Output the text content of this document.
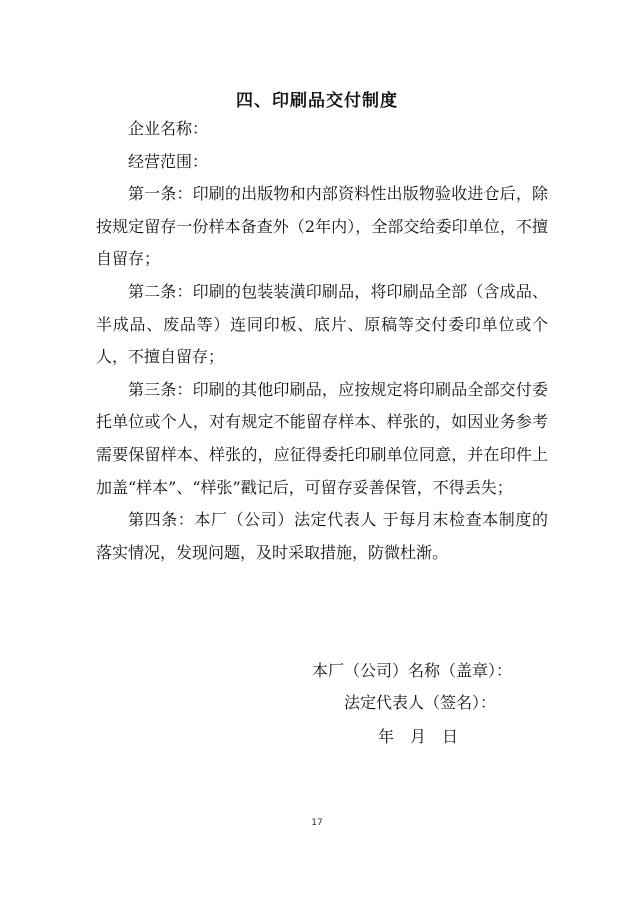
四、印刷品交付制度

企业名称：

经营范围：

第一条：印刷的出版物和内部资料性出版物验收进仓后，除按规定留存一份样本备查外（2年内），全部交给委印单位，不擅自留存；

第二条：印刷的包装装潢印刷品，将印刷品全部（含成品、半成品、废品等）连同印板、底片、原稿等交付委印单位或个人，不擅自留存；

第三条：印刷的其他印刷品，应按规定将印刷品全部交付委托单位或个人，对有规定不能留存样本、样张的，如因业务参考需要保留样本、样张的，应征得委托印刷单位同意，并在印件上加盖“样本”、“样张”戳记后，可留存妥善保管，不得丢失；

第四条：本厂（公司）法定代表人 于每月末检查本制度的落实情况，发现问题，及时采取措施，防微杜渐。

本厂（公司）名称（盖章）：
法定代表人（签名）：
年　月　日
17
